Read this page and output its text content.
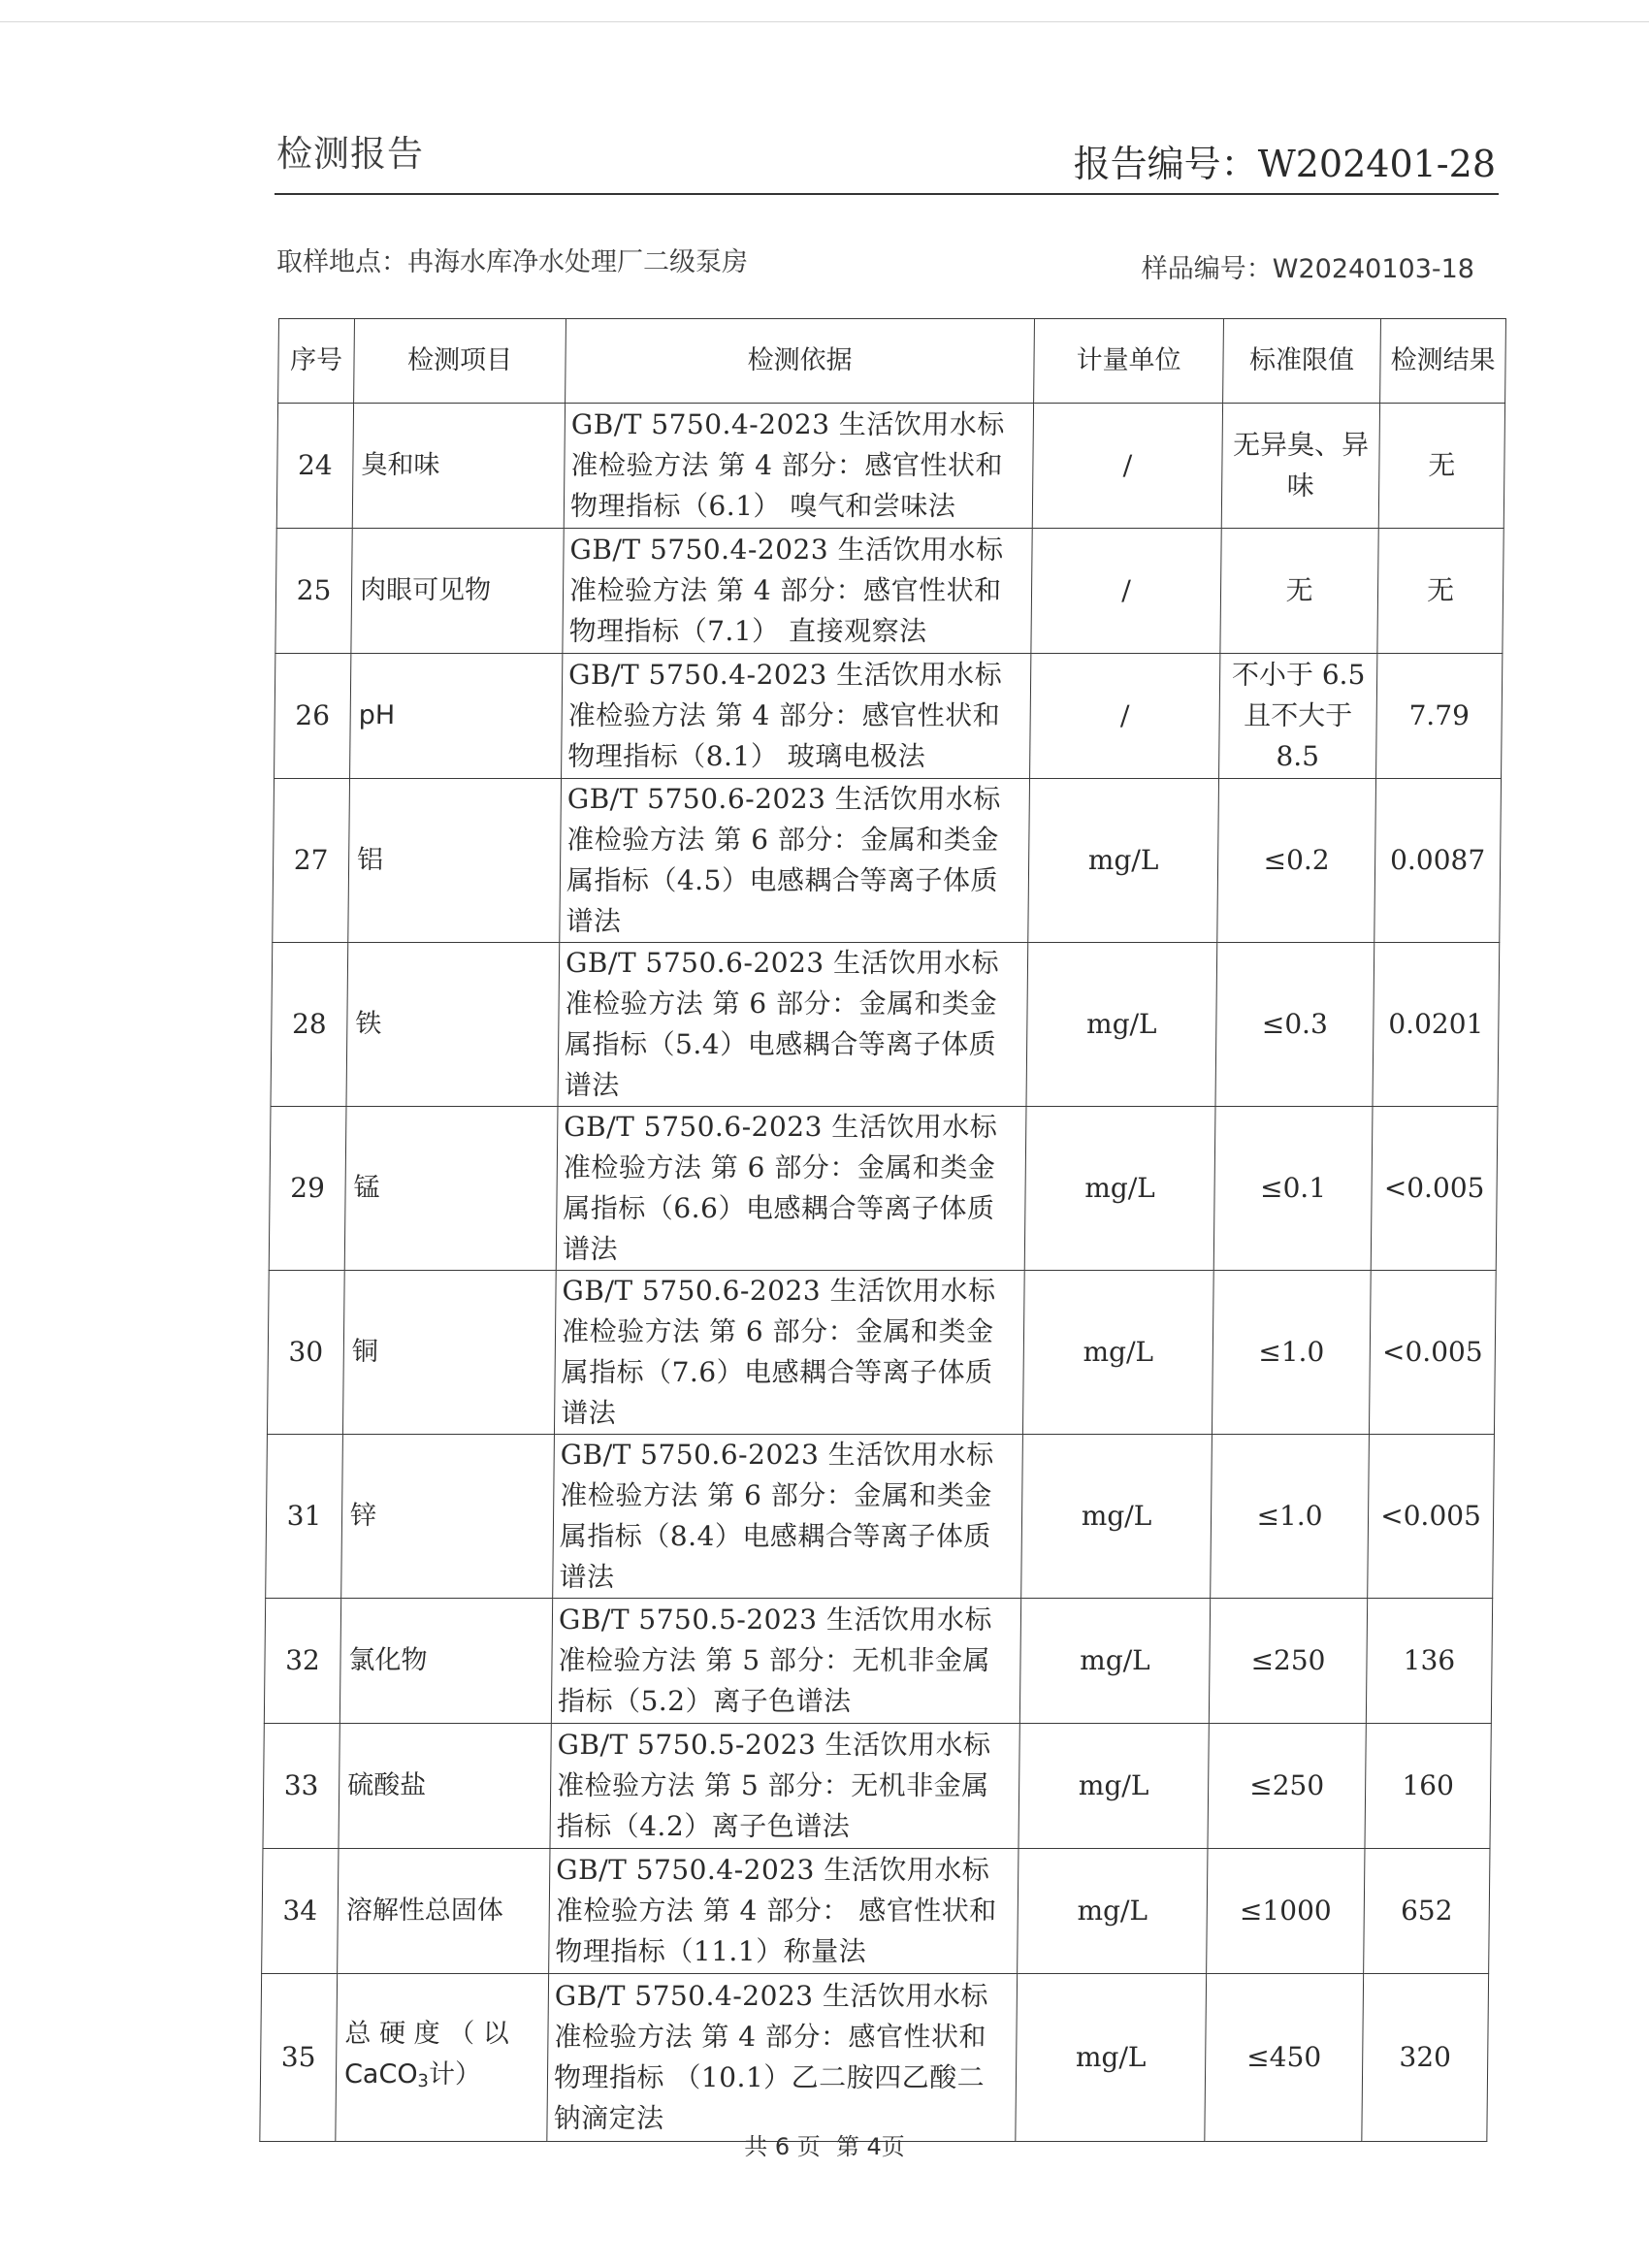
检测报告	报告编号：W202401-28
取样地点：冉海水库净水处理厂二级泵房	样品编号：W20240103-18
序号	检测项目	检测依据	计量单位	标准限值	检测结果
24	臭和味	GB/T 5750.4-2023 生活饮用水标准检验方法 第 4 部分：感官性状和物理指标（6.1） 嗅气和尝味法	/	无异臭、异味	无
25	肉眼可见物	GB/T 5750.4-2023 生活饮用水标准检验方法 第 4 部分：感官性状和物理指标（7.1） 直接观察法	/	无	无
26	pH	GB/T 5750.4-2023 生活饮用水标准检验方法 第 4 部分：感官性状和物理指标（8.1） 玻璃电极法	/	不小于 6.5 且不大于 8.5	7.79
27	铝	GB/T 5750.6-2023 生活饮用水标准检验方法 第 6 部分：金属和类金属指标（4.5）电感耦合等离子体质谱法	mg/L	≤0.2	0.0087
28	铁	GB/T 5750.6-2023 生活饮用水标准检验方法 第 6 部分：金属和类金属指标（5.4）电感耦合等离子体质谱法	mg/L	≤0.3	0.0201
29	锰	GB/T 5750.6-2023 生活饮用水标准检验方法 第 6 部分：金属和类金属指标（6.6）电感耦合等离子体质谱法	mg/L	≤0.1	<0.005
30	铜	GB/T 5750.6-2023 生活饮用水标准检验方法 第 6 部分：金属和类金属指标（7.6）电感耦合等离子体质谱法	mg/L	≤1.0	<0.005
31	锌	GB/T 5750.6-2023 生活饮用水标准检验方法 第 6 部分：金属和类金属指标（8.4）电感耦合等离子体质谱法	mg/L	≤1.0	<0.005
32	氯化物	GB/T 5750.5-2023 生活饮用水标准检验方法 第 5 部分：无机非金属指标（5.2）离子色谱法	mg/L	≤250	136
33	硫酸盐	GB/T 5750.5-2023 生活饮用水标准检验方法 第 5 部分：无机非金属指标（4.2）离子色谱法	mg/L	≤250	160
34	溶解性总固体	GB/T 5750.4-2023 生活饮用水标准检验方法 第 4 部分： 感官性状和物理指标（11.1）称量法	mg/L	≤1000	652
35	总 硬 度 （ 以 CaCO$_3$计）	GB/T 5750.4-2023 生活饮用水标准检验方法 第 4 部分：感官性状和物理指标 （10.1）乙二胺四乙酸二钠滴定法	mg/L	≤450	320
共 6 页 第 4页
